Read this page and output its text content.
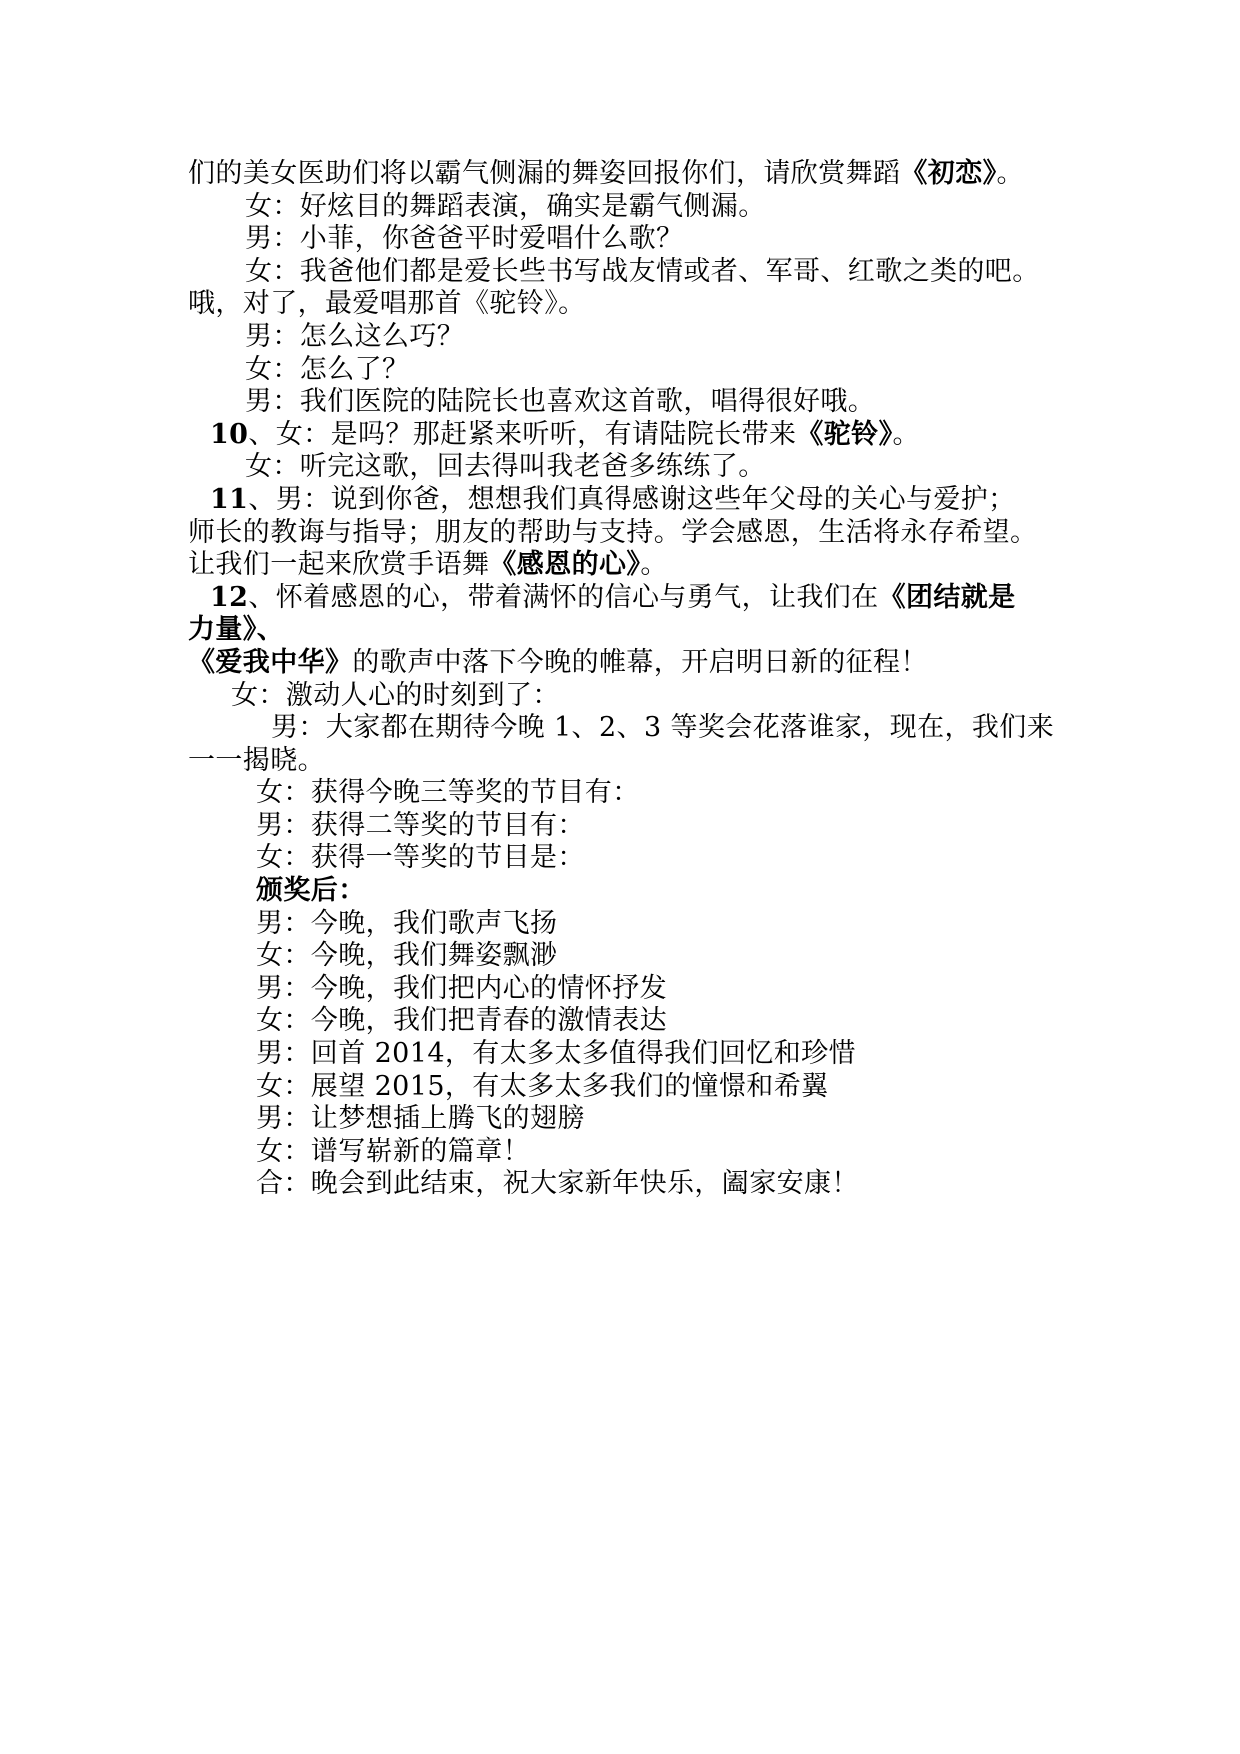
们的美女医助们将以霸气侧漏的舞姿回报你们，请欣赏舞蹈《初恋》。
女：好炫目的舞蹈表演，确实是霸气侧漏。
男：小菲，你爸爸平时爱唱什么歌？
女：我爸他们都是爱长些书写战友情或者、军哥、红歌之类的吧。
哦，对了，最爱唱那首《驼铃》。
男：怎么这么巧？
女：怎么了？
男：我们医院的陆院长也喜欢这首歌，唱得很好哦。
10、女：是吗？那赶紧来听听，有请陆院长带来《驼铃》。
女：听完这歌，回去得叫我老爸多练练了。
11、男：说到你爸，想想我们真得感谢这些年父母的关心与爱护；
师长的教诲与指导；朋友的帮助与支持。学会感恩，生活将永存希望。
让我们一起来欣赏手语舞《感恩的心》。
12、怀着感恩的心，带着满怀的信心与勇气，让我们在《团结就是
力量》、
《爱我中华》的歌声中落下今晚的帷幕，开启明日新的征程！
女：激动人心的时刻到了：
男：大家都在期待今晚 1、2、3 等奖会花落谁家，现在，我们来
一一揭晓。
女：获得今晚三等奖的节目有：
男：获得二等奖的节目有：
女：获得一等奖的节目是：
颁奖后：
男：今晚，我们歌声飞扬
女：今晚，我们舞姿飘渺
男：今晚，我们把内心的情怀抒发
女：今晚，我们把青春的激情表达
男：回首 2014，有太多太多值得我们回忆和珍惜
女：展望 2015，有太多太多我们的憧憬和希翼
男：让梦想插上腾飞的翅膀
女：谱写崭新的篇章！
合：晚会到此结束，祝大家新年快乐，阖家安康！
